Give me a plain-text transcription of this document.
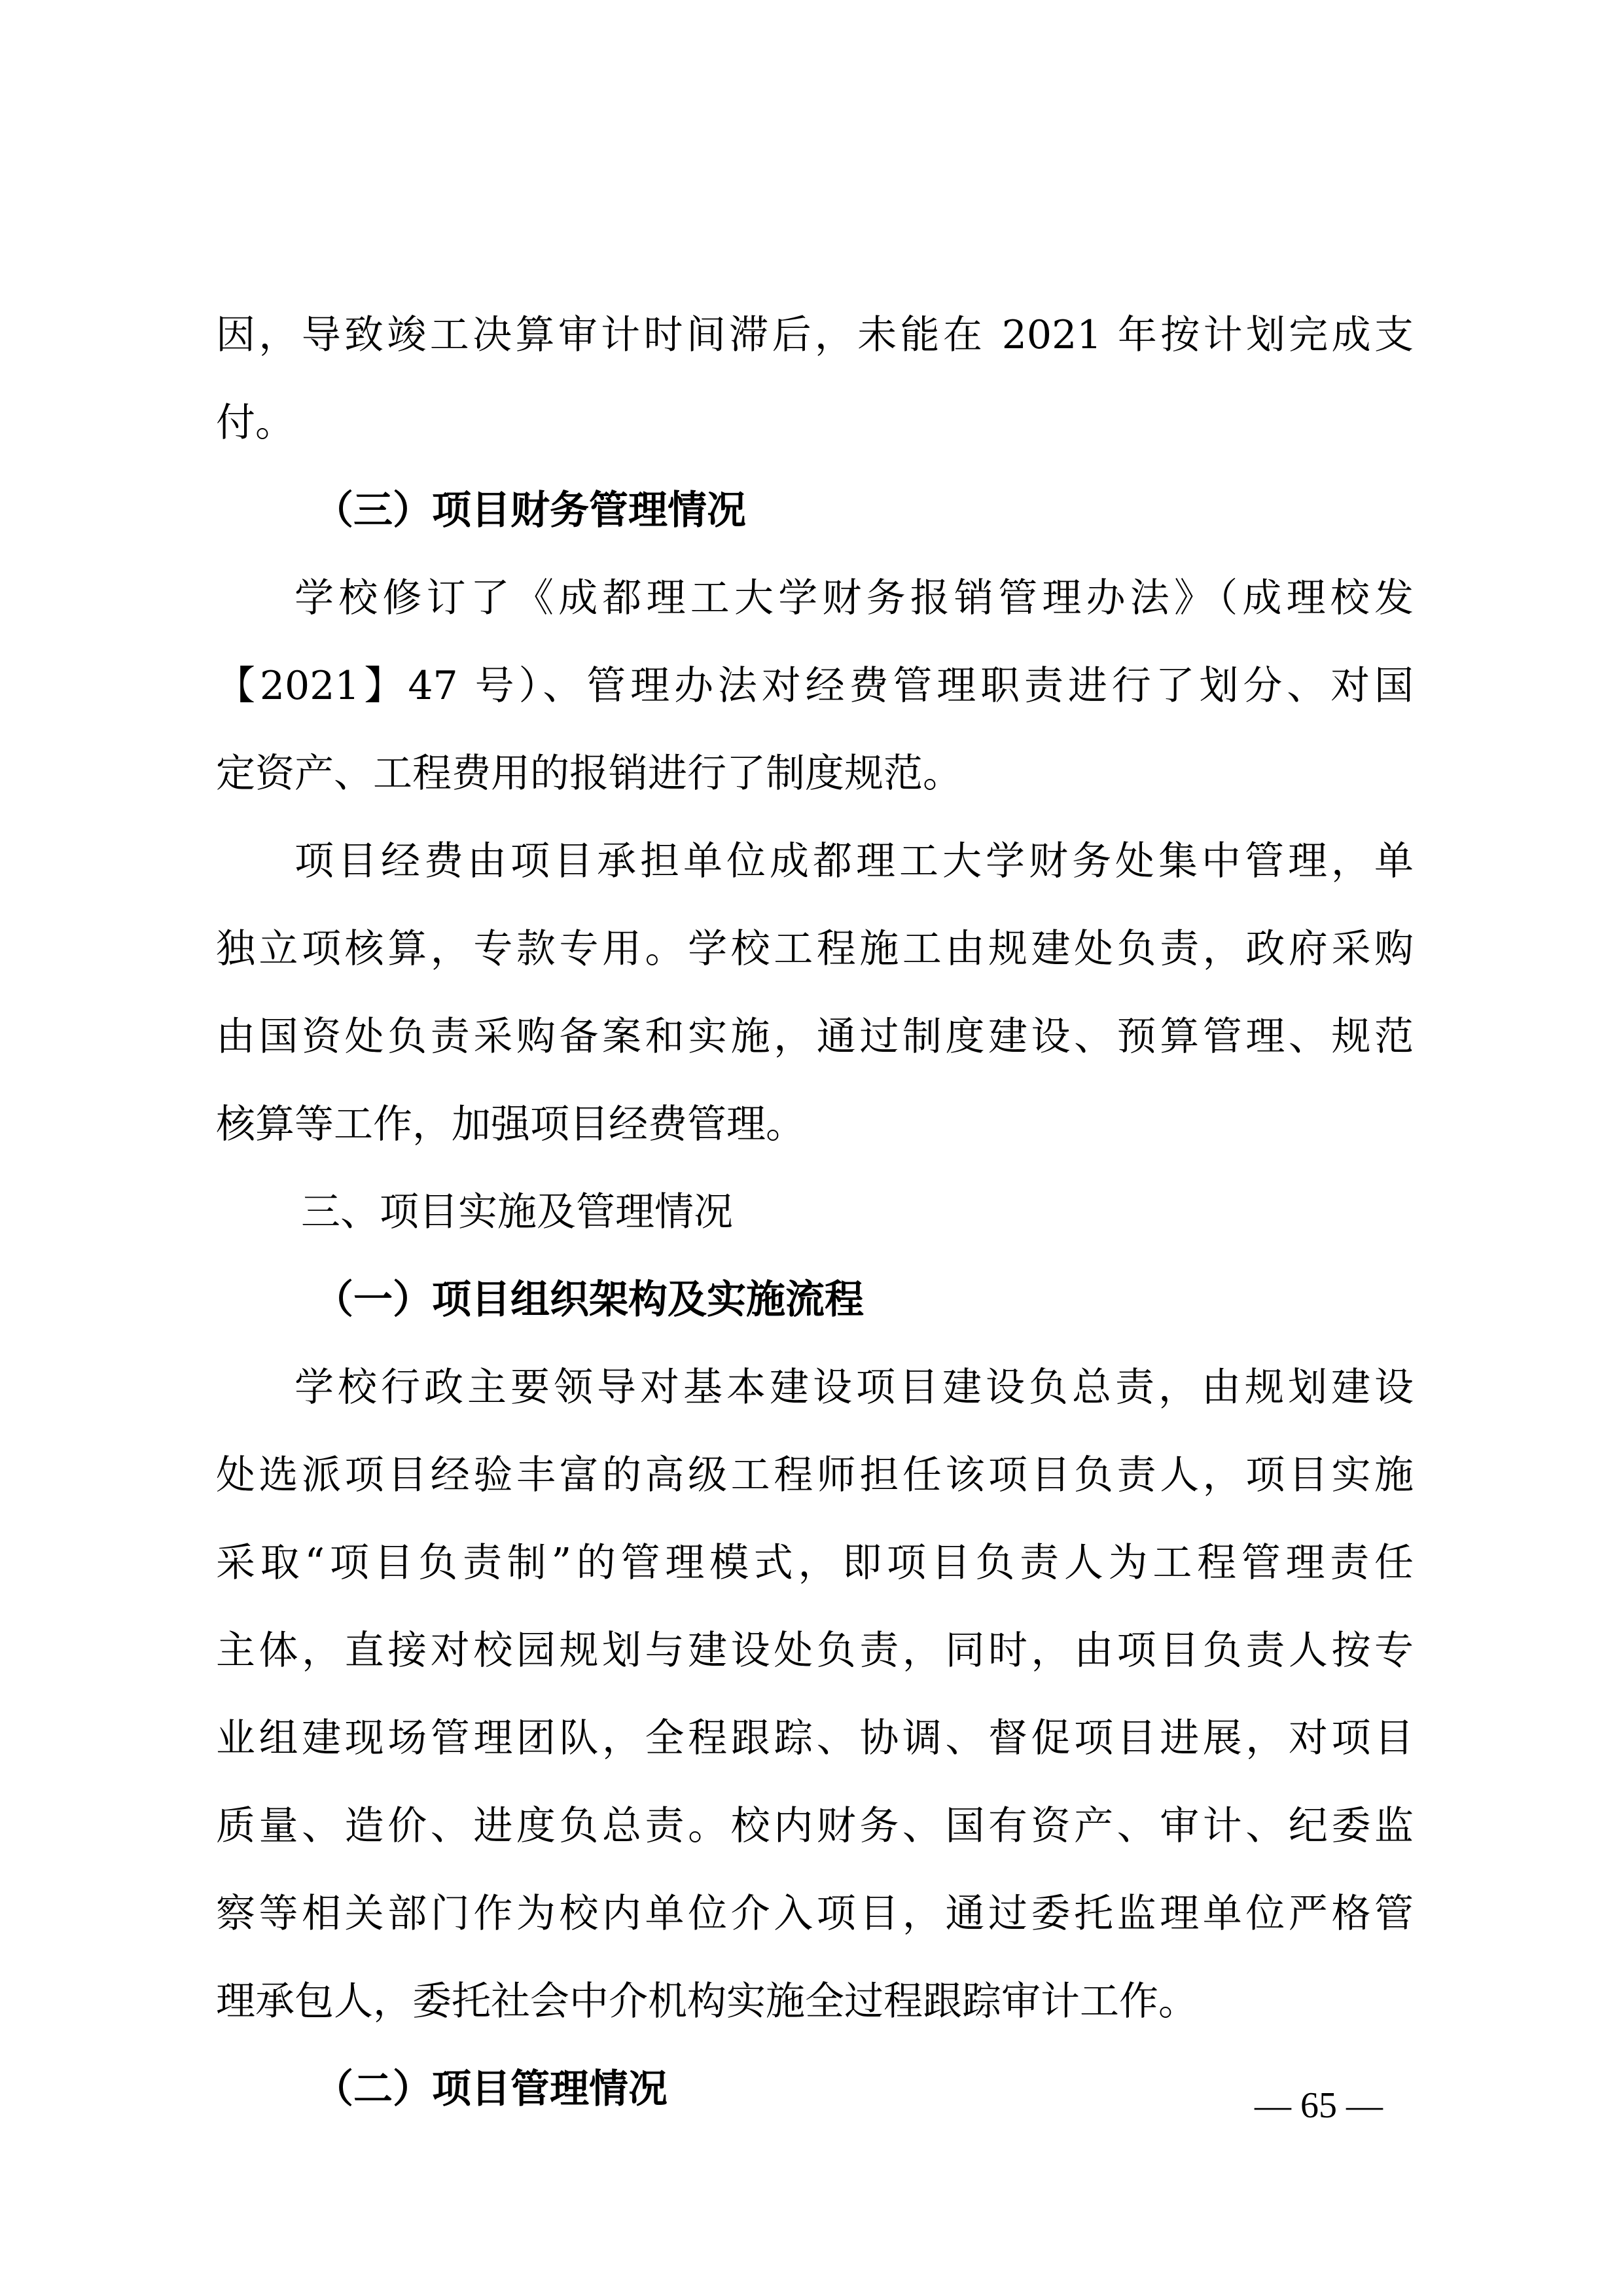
因，导致竣工决算审计时间滞后，未能在 2021 年按计划完成支
付。
（三）项目财务管理情况
学校修订了《成都理工大学财务报销管理办法》（成理校发
【2021】47 号）、管理办法对经费管理职责进行了划分、对国
定资产、工程费用的报销进行了制度规范。
项目经费由项目承担单位成都理工大学财务处集中管理，单
独立项核算，专款专用。学校工程施工由规建处负责，政府采购
由国资处负责采购备案和实施，通过制度建设、预算管理、规范
核算等工作，加强项目经费管理。
三、项目实施及管理情况
（一）项目组织架构及实施流程
学校行政主要领导对基本建设项目建设负总责，由规划建设
处选派项目经验丰富的高级工程师担任该项目负责人，项目实施
采取“项目负责制”的管理模式，即项目负责人为工程管理责任
主体，直接对校园规划与建设处负责，同时，由项目负责人按专
业组建现场管理团队，全程跟踪、协调、督促项目进展，对项目
质量、造价、进度负总责。校内财务、国有资产、审计、纪委监
察等相关部门作为校内单位介入项目，通过委托监理单位严格管
理承包人，委托社会中介机构实施全过程跟踪审计工作。
（二）项目管理情况	— 65 —
